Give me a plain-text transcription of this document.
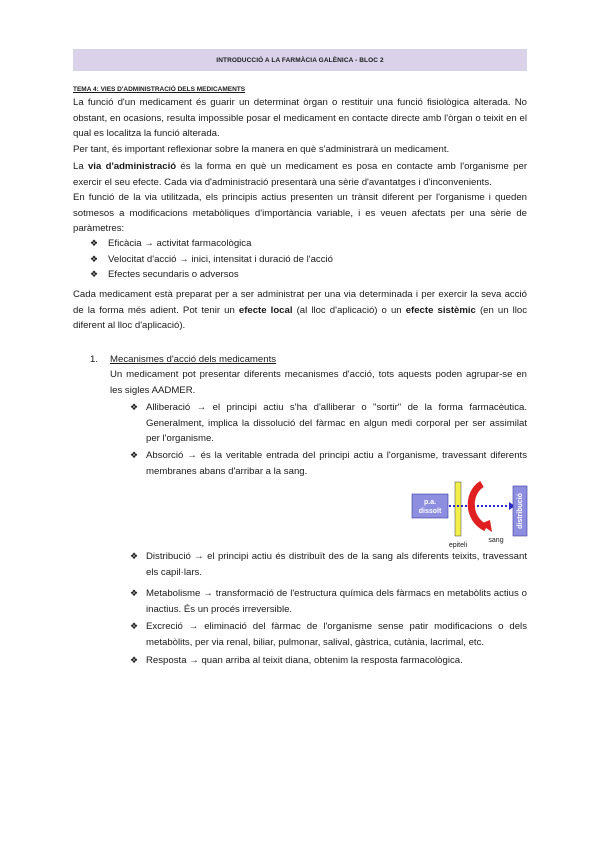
INTRODUCCIÓ A LA FARMÀCIA GALÈNICA - BLOC 2
TEMA 4: VIES D'ADMINISTRACIÓ DELS MEDICAMENTS
La funció d'un medicament és guarir un determinat òrgan o restituir una funció fisiològica alterada. No obstant, en ocasions, resulta impossible posar el medicament en contacte directe amb l'òrgan o teixit en el qual es localitza la funció alterada.
Per tant, és important reflexionar sobre la manera en què s'administrarà un medicament.
La via d'administració és la forma en què un medicament es posa en contacte amb l'organisme per exercir el seu efecte. Cada via d'administració presentarà una sèrie d'avantatges i d'inconvenients.
En funció de la via utilitzada, els principis actius presenten un trànsit diferent per l'organisme i queden sotmesos a modificacions metabòliques d'importància variable, i es veuen afectats per una sèrie de paràmetres:
❖	Eficàcia → activitat farmacològica
❖	Velocitat d'acció → inici, intensitat i duració de l'acció
❖	Efectes secundaris o adversos
Cada medicament està preparat per a ser administrat per una via determinada i per exercir la seva acció de la forma més adient. Pot tenir un efecte local (al lloc d'aplicació) o un efecte sistèmic (en un lloc diferent al lloc d'aplicació).
1. Mecanismes d'acció dels medicaments
Un medicament pot presentar diferents mecanismes d'acció, tots aquests poden agrupar-se en les sigles AADMER.
❖ Alliberació → el principi actiu s'ha d'alliberar o "sortir" de la forma farmacèutica. Generalment, implica la dissolució del fàrmac en algun medi corporal per ser assimilat per l'organisme.
❖ Absorció → és la veritable entrada del principi actiu a l'organisme, travessant diferents membranes abans d'arribar a la sang.
p.a.
dissolt	distribució
epiteli
sang
❖ Distribució → el principi actiu és distribuït des de la sang als diferents teixits, travessant els capil·lars.
❖ Metabolisme → transformació de l'estructura química dels fàrmacs en metabòlits actius o inactius. És un procés irreversible.
❖ Excreció → eliminació del fàrmac de l'organisme sense patir modificacions o dels metabòlits, per via renal, biliar, pulmonar, salival, gàstrica, cutània, lacrimal, etc.
❖ Resposta → quan arriba al teixit diana, obtenim la resposta farmacològica.
